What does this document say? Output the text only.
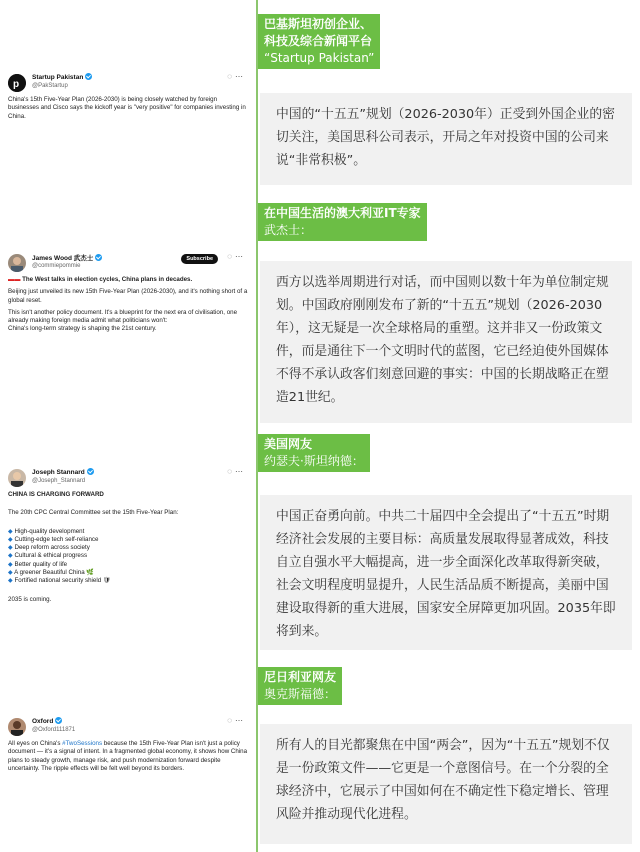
p
Startup Pakistan
@PakStartup
◌⋯
China's 15th Five-Year Plan (2026-2030) is being closely watched by foreign businesses and Cisco says the kickoff year is "very positive" for companies investing in China.
James Wood 武杰士
@commiepommie
Subscribe	◌⋯

▬▬ The West talks in election cycles, China plans in decades.

Beijing just unveiled its new 15th Five-Year Plan (2026-2030), and it's nothing short of a global reset.

This isn't another policy document. It's a blueprint for the next era of civilisation, one already making foreign media admit what politicians won't:

China's long-term strategy is shaping the 21st century.

Joseph Stannard
@Joseph_Stannard
◌⋯

CHINA IS CHARGING FORWARD

The 20th CPC Central Committee set the 15th Five-Year Plan:

◆ High-quality development
◆ Cutting-edge tech self-reliance
◆ Deep reform across society
◆ Cultural & ethical progress
◆ Better quality of life
◆ A greener Beautiful China 🌿
◆ Fortified national security shield 🛡

2035 is coming.

Oxford
@Oxford111871
◌⋯
All eyes on China's #TwoSessions because the 15th Five-Year Plan isn't just a policy document — it's a signal of intent. In a fragmented global economy, it shows how China plans to steady growth, manage risk, and push modernization forward despite uncertainty. The ripple effects will be felt well beyond its borders.
巴基斯坦初创企业、
科技及综合新闻平台
“Startup Pakistan”
中国的“十五五”规划（2026-2030年）正受到外国企业的密切关注，美国思科公司表示，开局之年对投资中国的公司来说“非常积极”。
在中国生活的澳大利亚IT专家
武杰士：
西方以选举周期进行对话，而中国则以数十年为单位制定规划。中国政府刚刚发布了新的“十五五”规划（2026-2030年），这无疑是一次全球格局的重塑。这并非又一份政策文件，而是通往下一个文明时代的蓝图，它已经迫使外国媒体不得不承认政客们刻意回避的事实：中国的长期战略正在塑造21世纪。
美国网友
约瑟夫·斯坦纳德：
中国正奋勇向前。中共二十届四中全会提出了“十五五”时期经济社会发展的主要目标：高质量发展取得显著成效，科技自立自强水平大幅提高，进一步全面深化改革取得新突破，社会文明程度明显提升，人民生活品质不断提高，美丽中国建设取得新的重大进展，国家安全屏障更加巩固。2035年即将到来。
尼日利亚网友
奥克斯福德：
所有人的目光都聚焦在中国“两会”，因为“十五五”规划不仅是一份政策文件——它更是一个意图信号。在一个分裂的全球经济中，它展示了中国如何在不确定性下稳定增长、管理风险并推动现代化进程。
